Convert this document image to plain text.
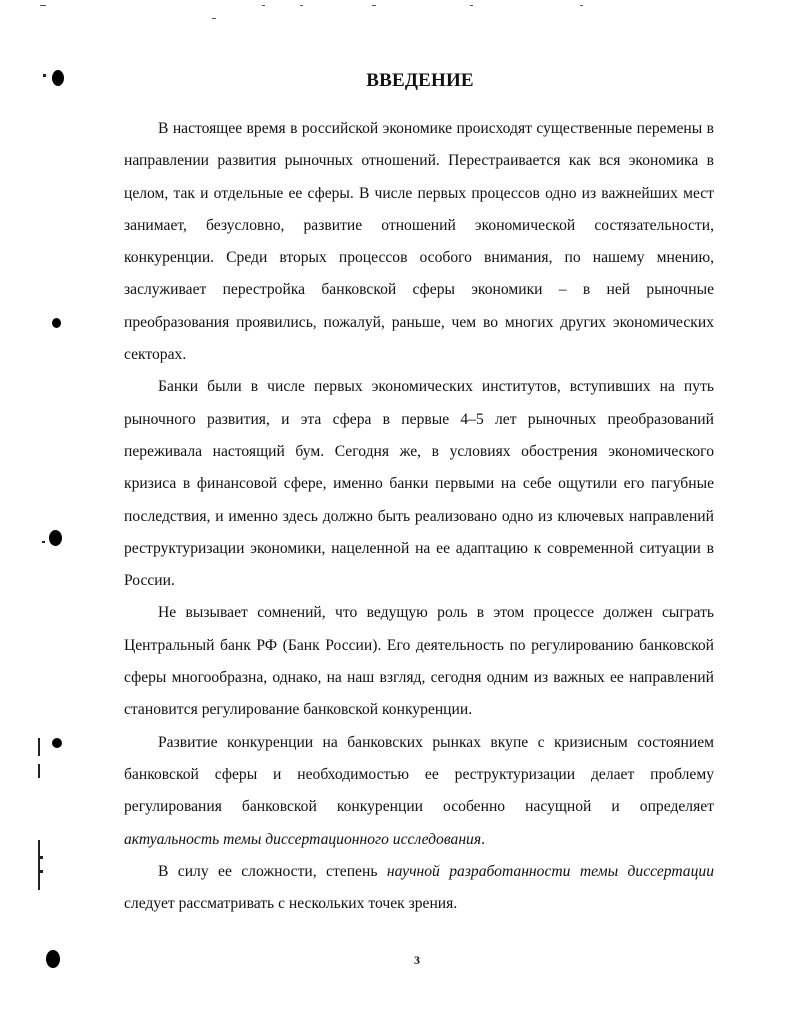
ВВЕДЕНИЕ

В настоящее время в российской экономике происходят существенные перемены в направлении развития рыночных отношений. Перестраивается как вся экономика в целом, так и отдельные ее сферы. В числе первых процессов одно из важнейших мест занимает, безусловно, развитие отношений экономической состязательности, конкуренции. Среди вторых процессов особого внимания, по нашему мнению, заслуживает перестройка банковской сферы экономики – в ней рыночные преобразования проявились, пожалуй, раньше, чем во многих других экономических секторах.

Банки были в числе первых экономических институтов, вступивших на путь рыночного развития, и эта сфера в первые 4–5 лет рыночных преобразований переживала настоящий бум. Сегодня же, в условиях обострения экономического кризиса в финансовой сфере, именно банки первыми на себе ощутили его пагубные последствия, и именно здесь должно быть реализовано одно из ключевых направлений реструктуризации экономики, нацеленной на ее адаптацию к современной ситуации в России.

Не вызывает сомнений, что ведущую роль в этом процессе должен сыграть Центральный банк РФ (Банк России). Его деятельность по регулированию банковской сферы многообразна, однако, на наш взгляд, сегодня одним из важных ее направлений становится регулирование банковской конкуренции.

Развитие конкуренции на банковских рынках вкупе с кризисным состоянием банковской сферы и необходимостью ее реструктуризации делает проблему регулирования банковской конкуренции особенно насущной и определяет актуальность темы диссертационного исследования.

В силу ее сложности, степень научной разработанности темы диссертации следует рассматривать с нескольких точек зрения.

3
